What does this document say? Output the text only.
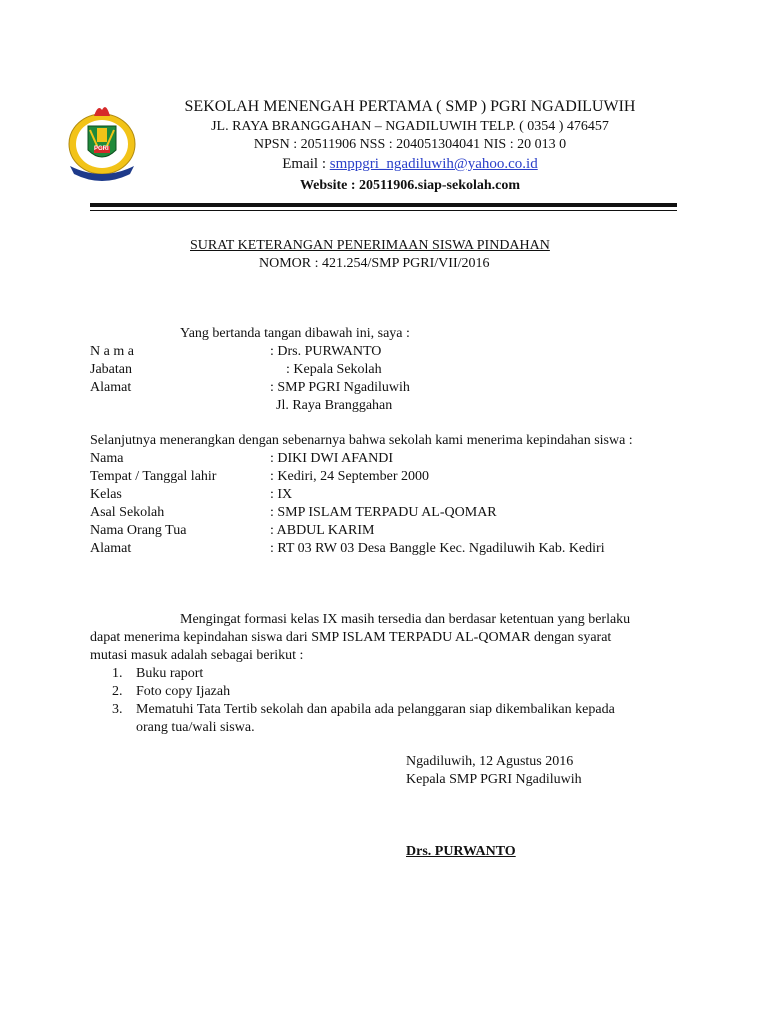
PGRI
SEKOLAH MENENGAH PERTAMA ( SMP ) PGRI NGADILUWIH
JL. RAYA BRANGGAHAN – NGADILUWIH TELP. ( 0354 ) 476457
NPSN : 20511906 NSS : 204051304041 NIS : 20 013 0
Email : smppgri_ngadiluwih@yahoo.co.id
Website : 20511906.siap-sekolah.com
SURAT KETERANGAN PENERIMAAN SISWA PINDAHAN
NOMOR : 421.254/SMP PGRI/VII/2016
Yang bertanda tangan dibawah ini, saya :
N a m a	: Drs. PURWANTO
Jabatan	: Kepala Sekolah
Alamat	: SMP PGRI Ngadiluwih
Jl. Raya Branggahan
Selanjutnya menerangkan dengan sebenarnya bahwa sekolah kami menerima kepindahan siswa :
Nama	: DIKI DWI AFANDI
Tempat / Tanggal lahir	: Kediri, 24 September 2000
Kelas	: IX
Asal Sekolah	: SMP ISLAM TERPADU AL-QOMAR
Nama Orang Tua	: ABDUL KARIM
Alamat	: RT 03 RW 03 Desa Banggle Kec. Ngadiluwih Kab. Kediri
Mengingat formasi kelas IX masih tersedia dan berdasar ketentuan yang berlaku
dapat menerima kepindahan siswa dari SMP ISLAM TERPADU AL-QOMAR dengan syarat
mutasi masuk adalah sebagai berikut :
1. Buku raport
2. Foto copy Ijazah
3. Mematuhi Tata Tertib sekolah dan apabila ada pelanggaran siap dikembalikan kepada
orang tua/wali siswa.
Ngadiluwih, 12 Agustus 2016
Kepala SMP PGRI Ngadiluwih
Drs. PURWANTO
